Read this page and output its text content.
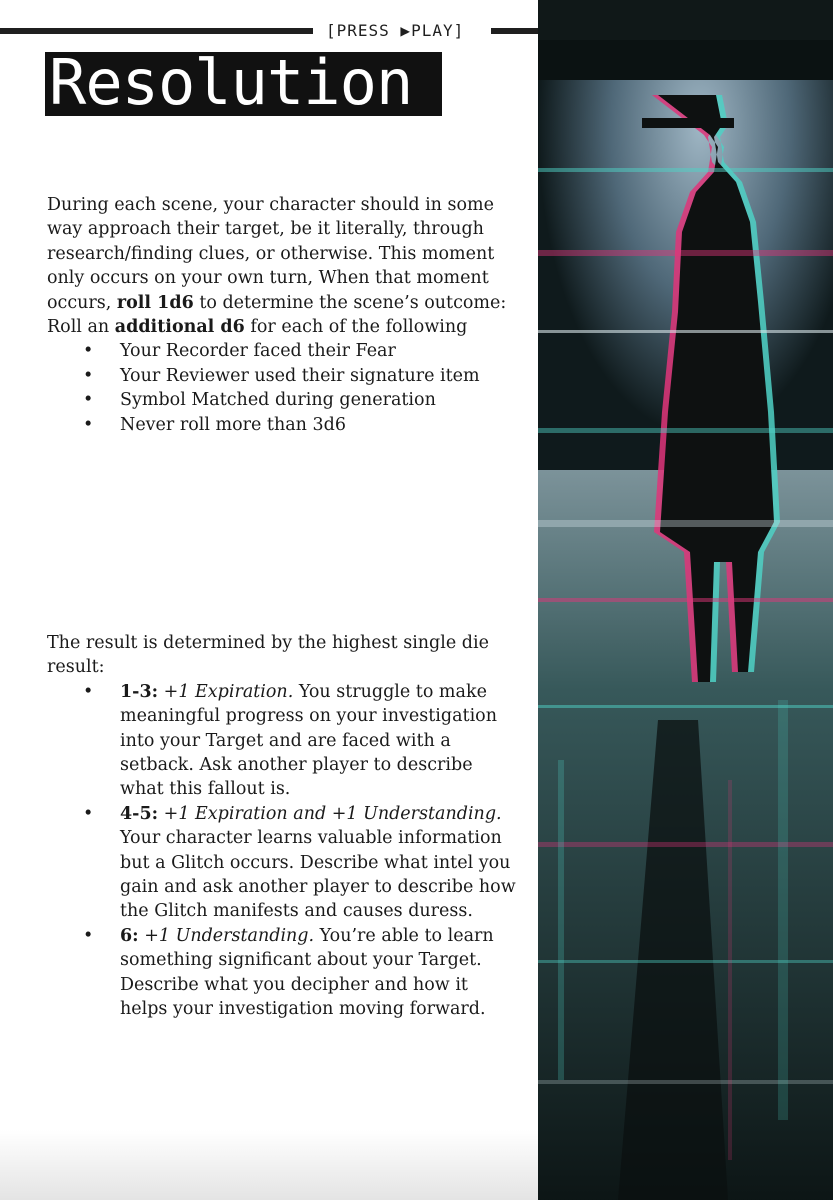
[PRESS ▶PLAY]
Resolution

During each scene, your character should in some way approach their target, be it literally, through research/finding clues, or otherwise. This moment only occurs on your own turn, When that moment occurs, roll 1d6 to determine the scene’s outcome:

Roll an additional d6 for each of the following

• Your Recorder faced their Fear
• Your Reviewer used their signature item
• Symbol Matched during generation
• Never roll more than 3d6

The result is determined by the highest single die result:

• 1-3: +1 Expiration. You struggle to make meaningful progress on your investigation into your Target and are faced with a setback. Ask another player to describe what this fallout is.
• 4-5: +1 Expiration and +1 Understanding. Your character learns valuable information but a Glitch occurs. Describe what intel you gain and ask another player to describe how the Glitch manifests and causes duress.
• 6: +1 Understanding. You’re able to learn something significant about your Target. Describe what you decipher and how it helps your investigation moving forward.
